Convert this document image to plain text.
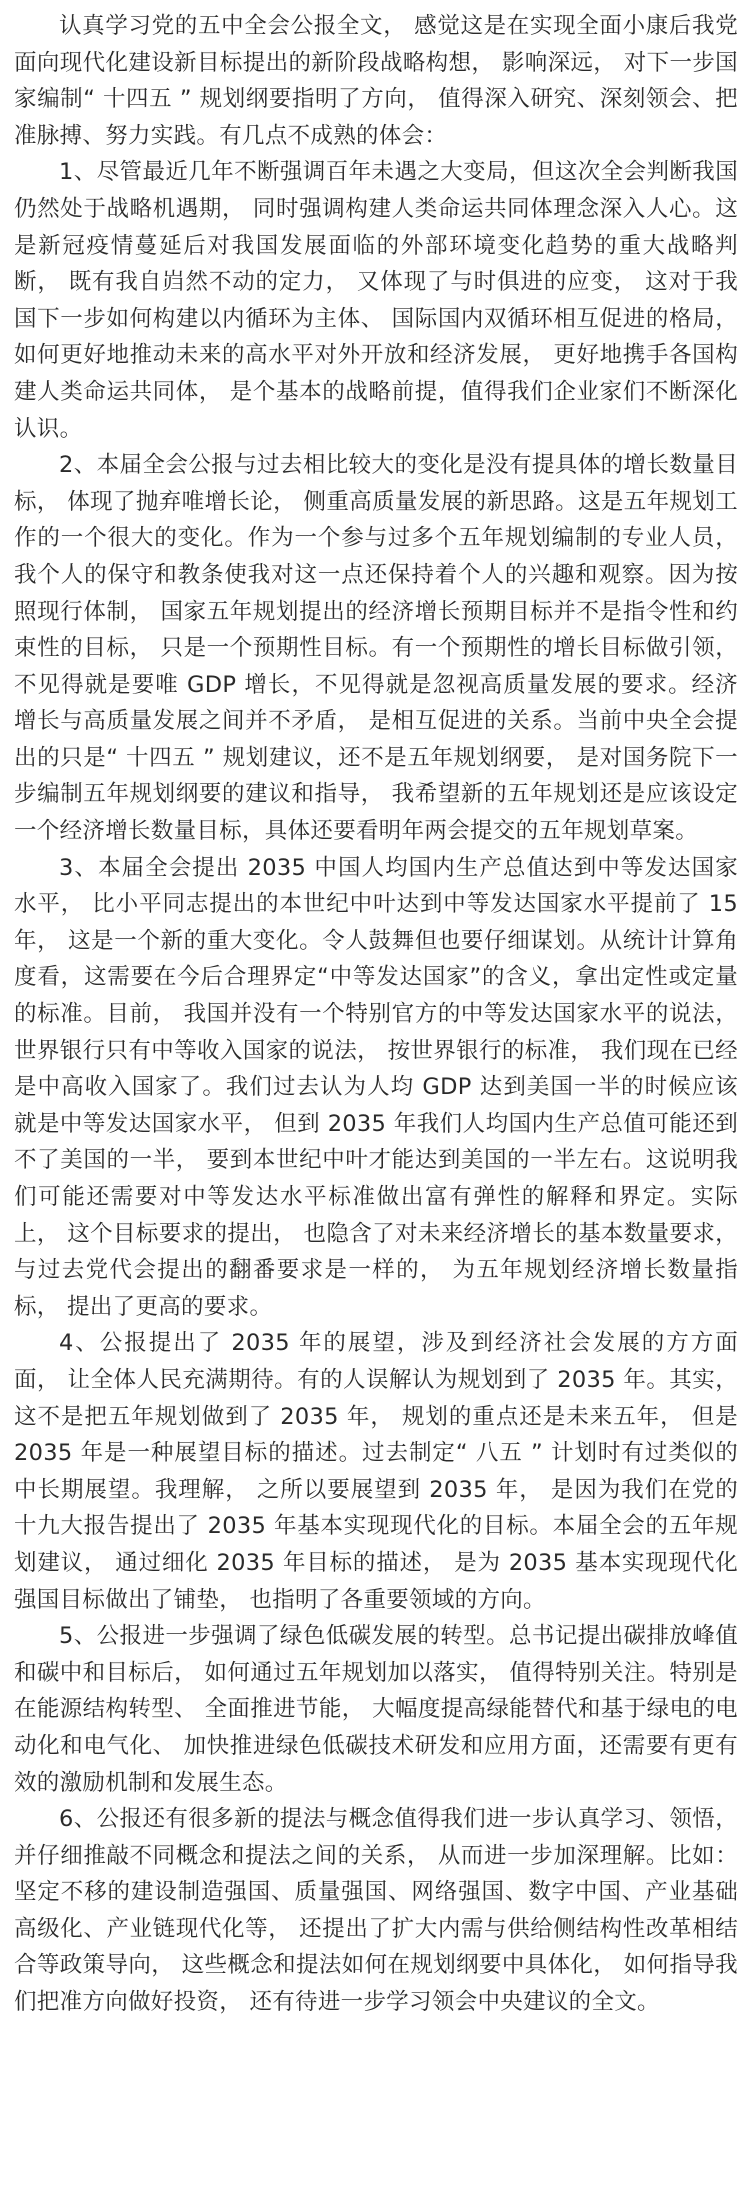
认真学习党的五中全会公报全文， 感觉这是在实现全面小康后我党面向现代化建设新目标提出的新阶段战略构想， 影响深远， 对下一步国家编制“ 十四五 ” 规划纲要指明了方向， 值得深入研究、深刻领会、把准脉搏、努力实践。有几点不成熟的体会：

1、尽管最近几年不断强调百年未遇之大变局，但这次全会判断我国仍然处于战略机遇期， 同时强调构建人类命运共同体理念深入人心。这是新冠疫情蔓延后对我国发展面临的外部环境变化趋势的重大战略判断， 既有我自岿然不动的定力， 又体现了与时俱进的应变， 这对于我国下一步如何构建以内循环为主体、 国际国内双循环相互促进的格局， 如何更好地推动未来的高水平对外开放和经济发展， 更好地携手各国构建人类命运共同体， 是个基本的战略前提，值得我们企业家们不断深化认识。

2、本届全会公报与过去相比较大的变化是没有提具体的增长数量目标， 体现了抛弃唯增长论， 侧重高质量发展的新思路。这是五年规划工作的一个很大的变化。作为一个参与过多个五年规划编制的专业人员， 我个人的保守和教条使我对这一点还保持着个人的兴趣和观察。因为按照现行体制， 国家五年规划提出的经济增长预期目标并不是指令性和约束性的目标， 只是一个预期性目标。有一个预期性的增长目标做引领，不见得就是要唯 GDP 增长，不见得就是忽视高质量发展的要求。经济增长与高质量发展之间并不矛盾， 是相互促进的关系。当前中央全会提出的只是“ 十四五 ” 规划建议，还不是五年规划纲要， 是对国务院下一步编制五年规划纲要的建议和指导， 我希望新的五年规划还是应该设定一个经济增长数量目标，具体还要看明年两会提交的五年规划草案。

3、本届全会提出 2035 中国人均国内生产总值达到中等发达国家水平， 比小平同志提出的本世纪中叶达到中等发达国家水平提前了 15 年， 这是一个新的重大变化。令人鼓舞但也要仔细谋划。从统计计算角度看，这需要在今后合理界定“中等发达国家”的含义，拿出定性或定量的标准。目前， 我国并没有一个特别官方的中等发达国家水平的说法， 世界银行只有中等收入国家的说法， 按世界银行的标准， 我们现在已经是中高收入国家了。我们过去认为人均 GDP 达到美国一半的时候应该就是中等发达国家水平， 但到 2035 年我们人均国内生产总值可能还到不了美国的一半， 要到本世纪中叶才能达到美国的一半左右。这说明我们可能还需要对中等发达水平标准做出富有弹性的解释和界定。实际上， 这个目标要求的提出， 也隐含了对未来经济增长的基本数量要求， 与过去党代会提出的翻番要求是一样的， 为五年规划经济增长数量指标， 提出了更高的要求。

4、公报提出了 2035 年的展望，涉及到经济社会发展的方方面面， 让全体人民充满期待。有的人误解认为规划到了 2035 年。其实， 这不是把五年规划做到了 2035 年， 规划的重点还是未来五年， 但是 2035 年是一种展望目标的描述。过去制定“ 八五 ” 计划时有过类似的中长期展望。我理解， 之所以要展望到 2035 年， 是因为我们在党的十九大报告提出了 2035 年基本实现现代化的目标。本届全会的五年规划建议， 通过细化 2035 年目标的描述， 是为 2035 基本实现现代化强国目标做出了铺垫， 也指明了各重要领域的方向。

5、公报进一步强调了绿色低碳发展的转型。总书记提出碳排放峰值和碳中和目标后， 如何通过五年规划加以落实， 值得特别关注。特别是在能源结构转型、 全面推进节能， 大幅度提高绿能替代和基于绿电的电动化和电气化、 加快推进绿色低碳技术研发和应用方面，还需要有更有效的激励机制和发展生态。

6、公报还有很多新的提法与概念值得我们进一步认真学习、领悟， 并仔细推敲不同概念和提法之间的关系， 从而进一步加深理解。比如： 坚定不移的建设制造强国、质量强国、网络强国、数字中国、产业基础高级化、产业链现代化等， 还提出了扩大内需与供给侧结构性改革相结合等政策导向， 这些概念和提法如何在规划纲要中具体化， 如何指导我们把准方向做好投资， 还有待进一步学习领会中央建议的全文。
